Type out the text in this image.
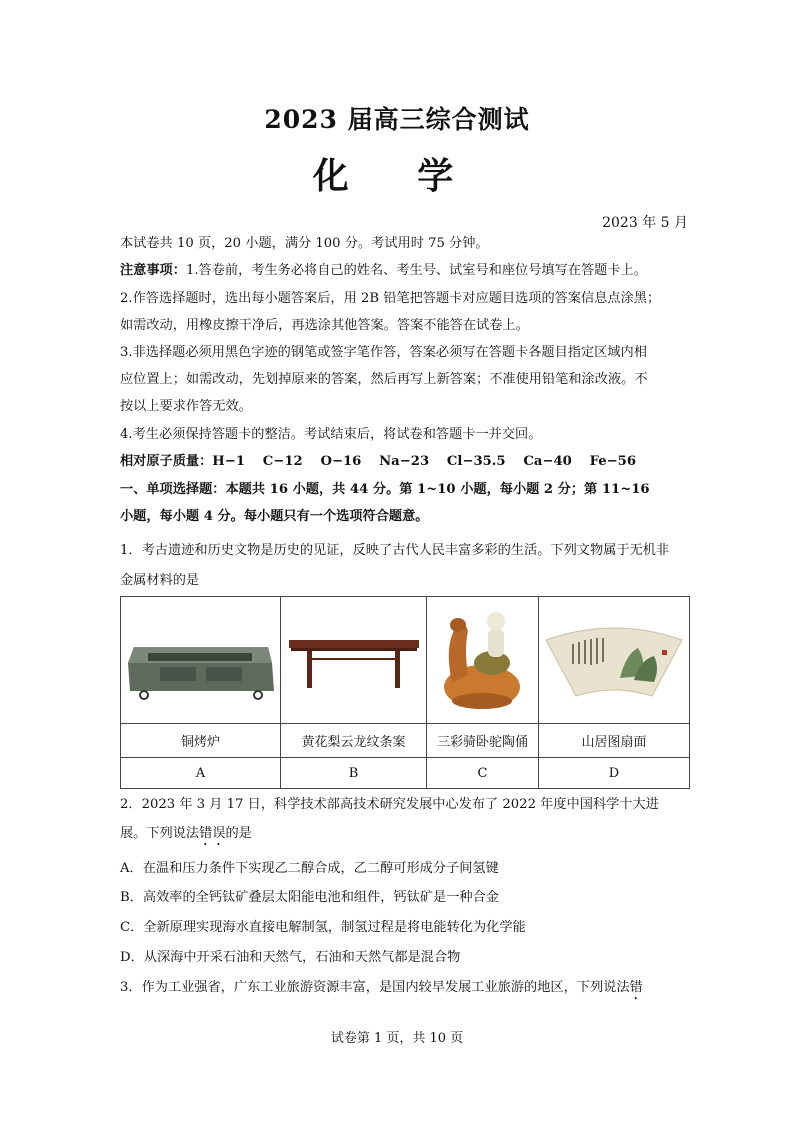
2023 届高三综合测试
化 学
2023 年 5 月
本试卷共 10 页，20 小题，满分 100 分。考试用时 75 分钟。
注意事项：1.答卷前，考生务必将自己的姓名、考生号、试室号和座位号填写在答题卡上。
2.作答选择题时，选出每小题答案后，用 2B 铅笔把答题卡对应题目选项的答案信息点涂黑；
如需改动，用橡皮擦干净后，再选涂其他答案。答案不能答在试卷上。
3.非选择题必须用黑色字迹的钢笔或签字笔作答，答案必须写在答题卡各题目指定区域内相
应位置上；如需改动，先划掉原来的答案，然后再写上新答案；不准使用铅笔和涂改液。不
按以上要求作答无效。
4.考生必须保持答题卡的整洁。考试结束后，将试卷和答题卡一并交回。
相对原子质量：H−1　 C−12　 O−16　 Na−23　 Cl−35.5　 Ca−40　 Fe−56
一、单项选择题：本题共 16 小题，共 44 分。第 1~10 小题，每小题 2 分；第 11~16
小题，每小题 4 分。每小题只有一个选项符合题意。
1．考古遗迹和历史文物是历史的见证，反映了古代人民丰富多彩的生活。下列文物属于无机非
金属材料的是

铜烤炉	黄花梨云龙纹条案	三彩骑卧驼陶俑	山居图扇面
A	B	C	D
2．2023 年 3 月 17 日，科学技术部高技术研究发展中心发布了 2022 年度中国科学十大进
展。下列说法错误的是
A．在温和压力条件下实现乙二醇合成，乙二醇可形成分子间氢键
B．高效率的全钙钛矿叠层太阳能电池和组件，钙钛矿是一种合金
C．全新原理实现海水直接电解制氢，制氢过程是将电能转化为化学能
D．从深海中开采石油和天然气，石油和天然气都是混合物
3．作为工业强省，广东工业旅游资源丰富，是国内较早发展工业旅游的地区，下列说法错
试卷第 1 页，共 10 页
